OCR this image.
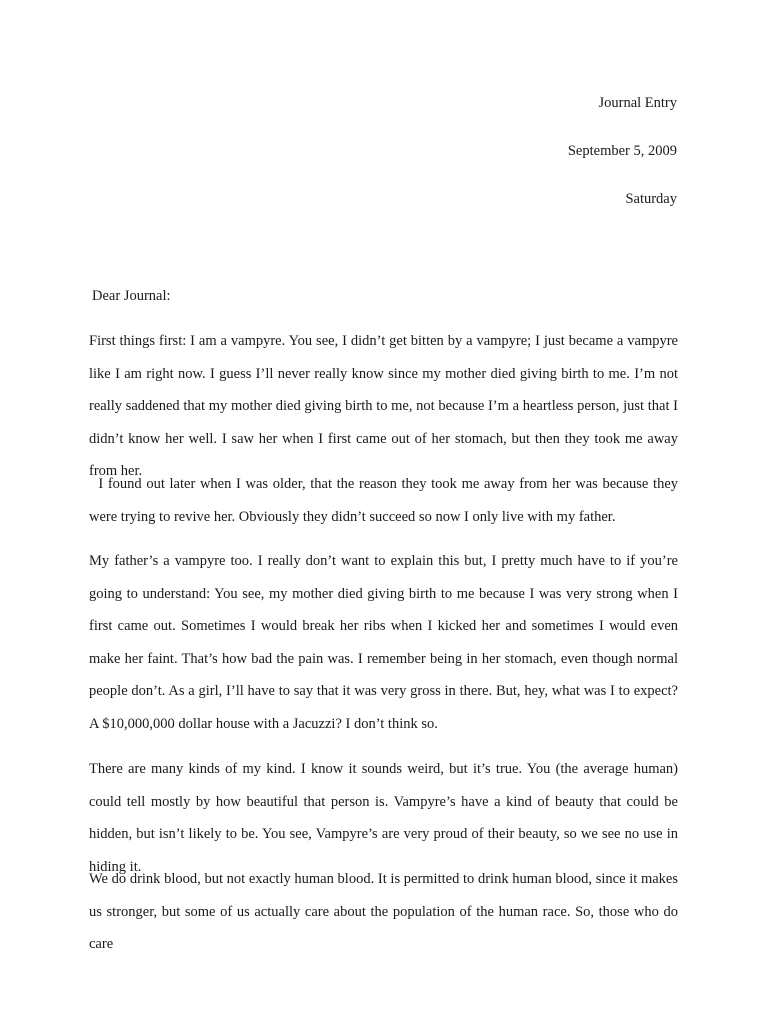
Journal Entry
September 5, 2009
Saturday
Dear Journal:

First things first: I am a vampyre. You see, I didn’t get bitten by a vampyre; I just became a vampyre like I am right now. I guess I’ll never really know since my mother died giving birth to me. I’m not really saddened that my mother died giving birth to me, not because I’m a heartless person, just that I didn’t know her well. I saw her when I first came out of her stomach, but then they took me away from her.

I found out later when I was older, that the reason they took me away from her was because they were trying to revive her. Obviously they didn’t succeed so now I only live with my father.

My father’s a vampyre too. I really don’t want to explain this but, I pretty much have to if you’re going to understand: You see, my mother died giving birth to me because I was very strong when I first came out. Sometimes I would break her ribs when I kicked her and sometimes I would even make her faint. That’s how bad the pain was. I remember being in her stomach, even though normal people don’t. As a girl, I’ll have to say that it was very gross in there. But, hey, what was I to expect? A $10,000,000 dollar house with a Jacuzzi? I don’t think so.

There are many kinds of my kind. I know it sounds weird, but it’s true. You (the average human) could tell mostly by how beautiful that person is. Vampyre’s have a kind of beauty that could be hidden, but isn’t likely to be. You see, Vampyre’s are very proud of their beauty, so we see no use in hiding it.

We do drink blood, but not exactly human blood. It is permitted to drink human blood, since it makes us stronger, but some of us actually care about the population of the human race. So, those who do care
